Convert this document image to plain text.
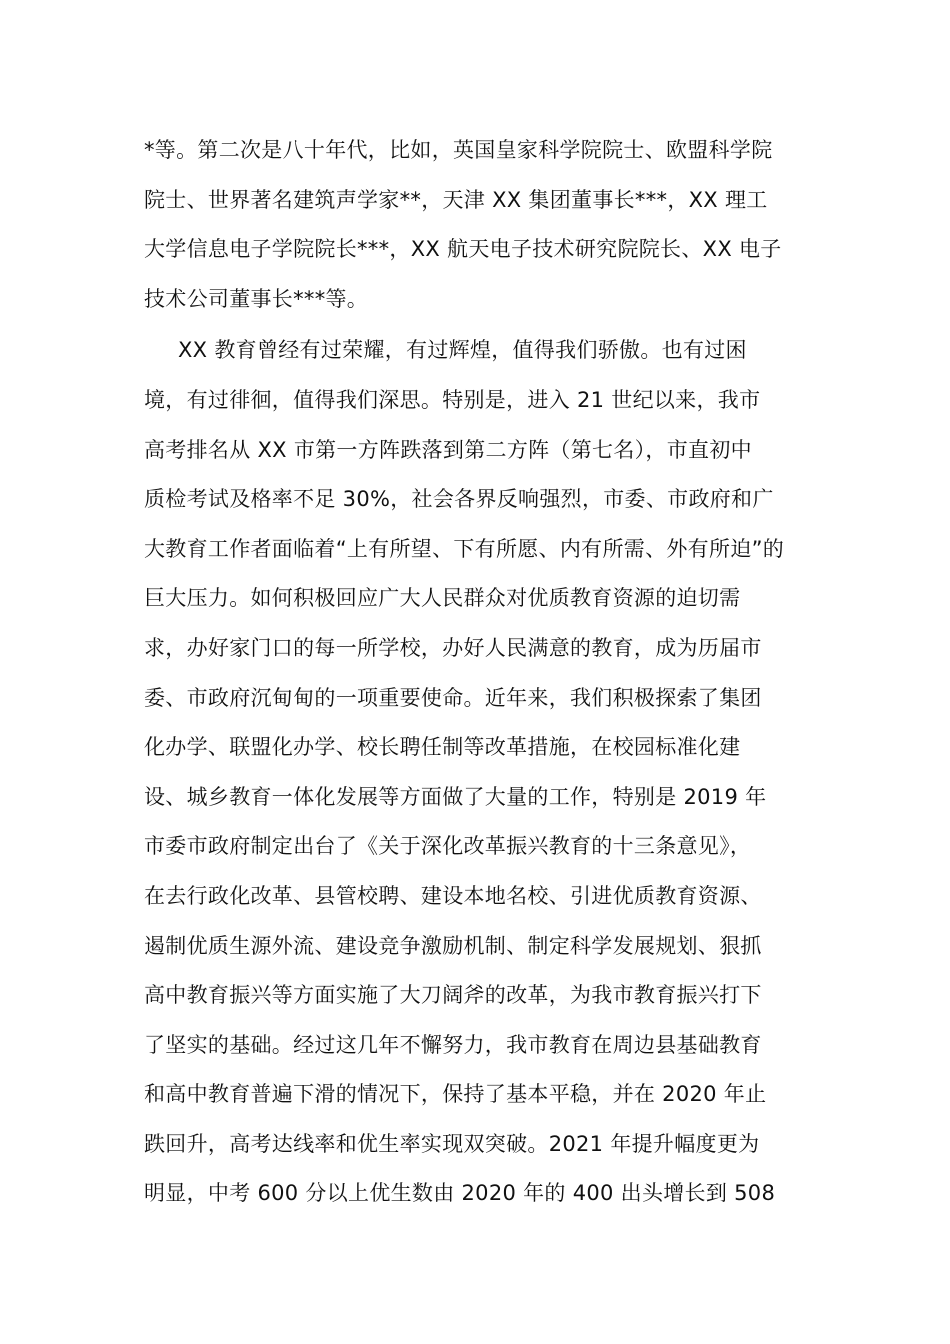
*等。第二次是八十年代，比如，英国皇家科学院院士、欧盟科学院
院士、世界著名建筑声学家**，天津 XX 集团董事长***，XX 理工
大学信息电子学院院长***，XX 航天电子技术研究院院长、XX 电子
技术公司董事长***等。
XX 教育曾经有过荣耀，有过辉煌，值得我们骄傲。也有过困
境，有过徘徊，值得我们深思。特别是，进入 21 世纪以来，我市
高考排名从 XX 市第一方阵跌落到第二方阵（第七名），市直初中
质检考试及格率不足 30%，社会各界反响强烈，市委、市政府和广
大教育工作者面临着“上有所望、下有所愿、内有所需、外有所迫”的
巨大压力。如何积极回应广大人民群众对优质教育资源的迫切需
求，办好家门口的每一所学校，办好人民满意的教育，成为历届市
委、市政府沉甸甸的一项重要使命。近年来，我们积极探索了集团
化办学、联盟化办学、校长聘任制等改革措施，在校园标准化建
设、城乡教育一体化发展等方面做了大量的工作，特别是 2019 年
市委市政府制定出台了《关于深化改革振兴教育的十三条意见》，
在去行政化改革、县管校聘、建设本地名校、引进优质教育资源、
遏制优质生源外流、建设竞争激励机制、制定科学发展规划、狠抓
高中教育振兴等方面实施了大刀阔斧的改革，为我市教育振兴打下
了坚实的基础。经过这几年不懈努力，我市教育在周边县基础教育
和高中教育普遍下滑的情况下，保持了基本平稳，并在 2020 年止
跌回升，高考达线率和优生率实现双突破。2021 年提升幅度更为
明显，中考 600 分以上优生数由 2020 年的 400 出头增长到 508
